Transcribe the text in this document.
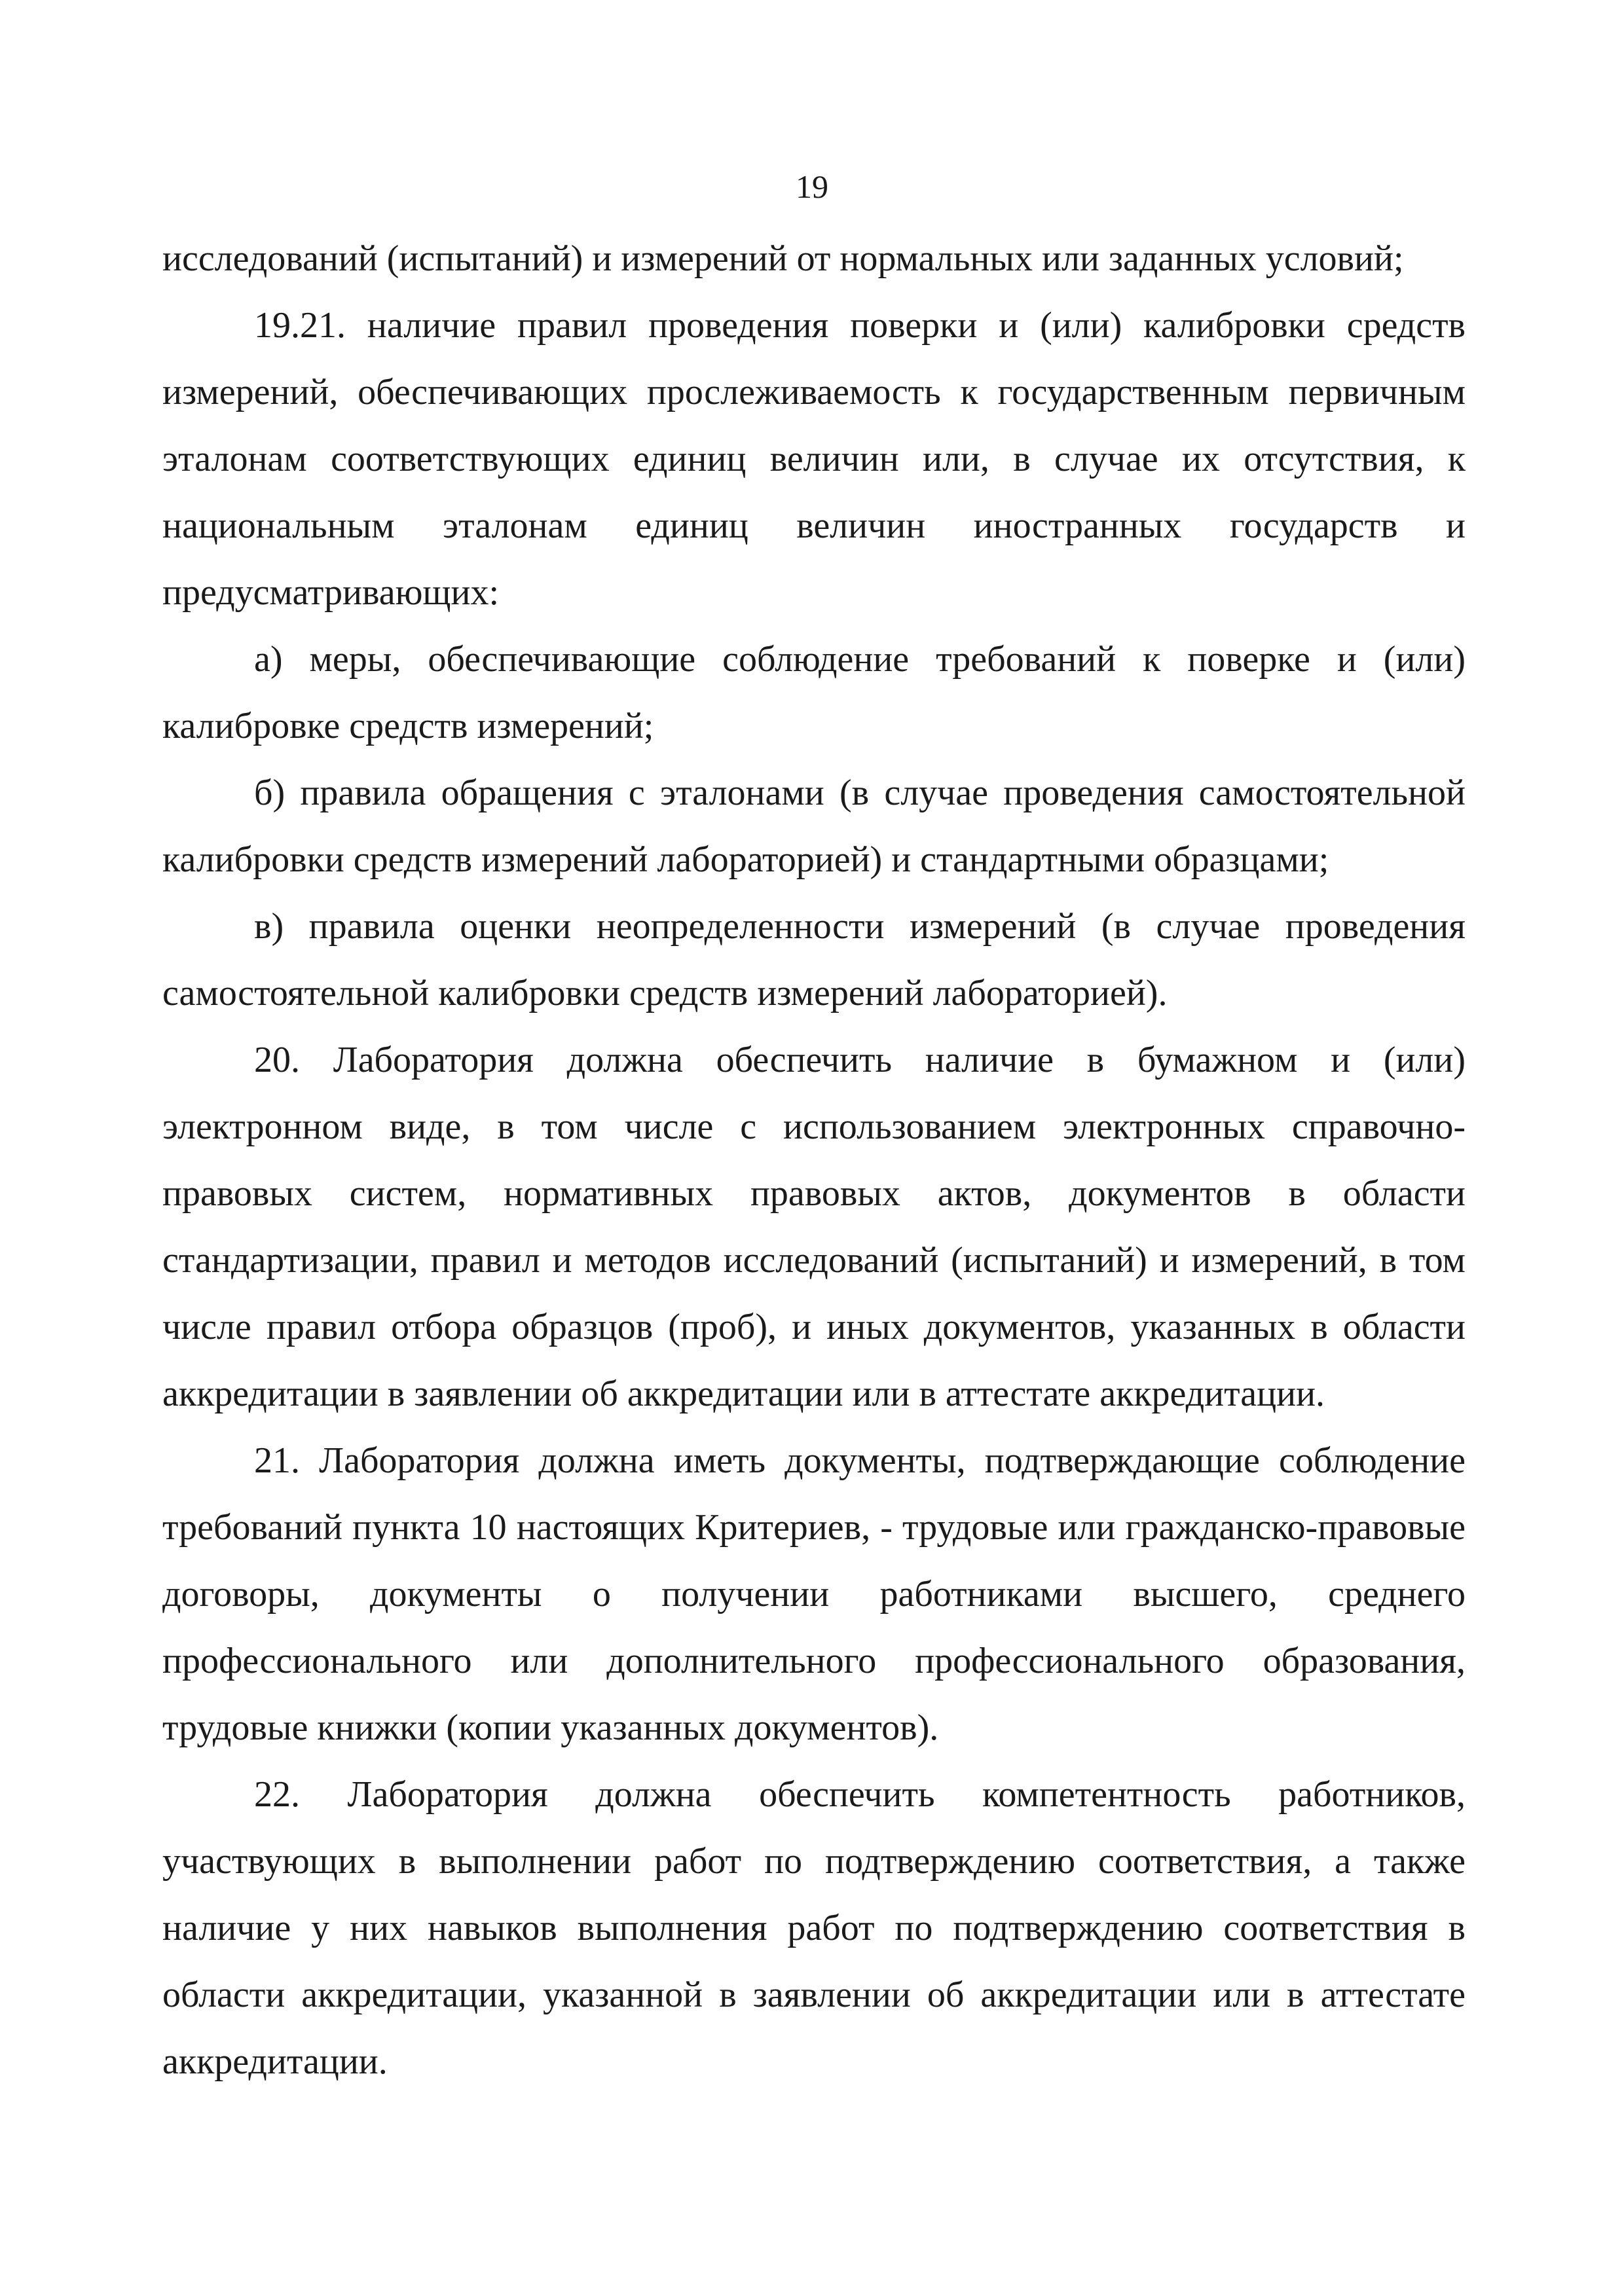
19

исследований (испытаний) и измерений от нормальных или заданных условий;

19.21. наличие правил проведения поверки и (или) калибровки средств измерений, обеспечивающих прослеживаемость к государственным первичным эталонам соответствующих единиц величин или, в случае их отсутствия, к национальным эталонам единиц величин иностранных государств и предусматривающих:

а) меры, обеспечивающие соблюдение требований к поверке и (или) калибровке средств измерений;

б) правила обращения с эталонами (в случае проведения самостоятельной калибровки средств измерений лабораторией) и стандартными образцами;

в) правила оценки неопределенности измерений (в случае проведения самостоятельной калибровки средств измерений лабораторией).

20. Лаборатория должна обеспечить наличие в бумажном и (или) электронном виде, в том числе с использованием электронных справочно-правовых систем, нормативных правовых актов, документов в области стандартизации, правил и методов исследований (испытаний) и измерений, в том числе правил отбора образцов (проб), и иных документов, указанных в области аккредитации в заявлении об аккредитации или в аттестате аккредитации.

21. Лаборатория должна иметь документы, подтверждающие соблюдение требований пункта 10 настоящих Критериев, - трудовые или гражданско-правовые договоры, документы о получении работниками высшего, среднего профессионального или дополнительного профессионального образования, трудовые книжки (копии указанных документов).

22. Лаборатория должна обеспечить компетентность работников, участвующих в выполнении работ по подтверждению соответствия, а также наличие у них навыков выполнения работ по подтверждению соответствия в области аккредитации, указанной в заявлении об аккредитации или в аттестате аккредитации.
